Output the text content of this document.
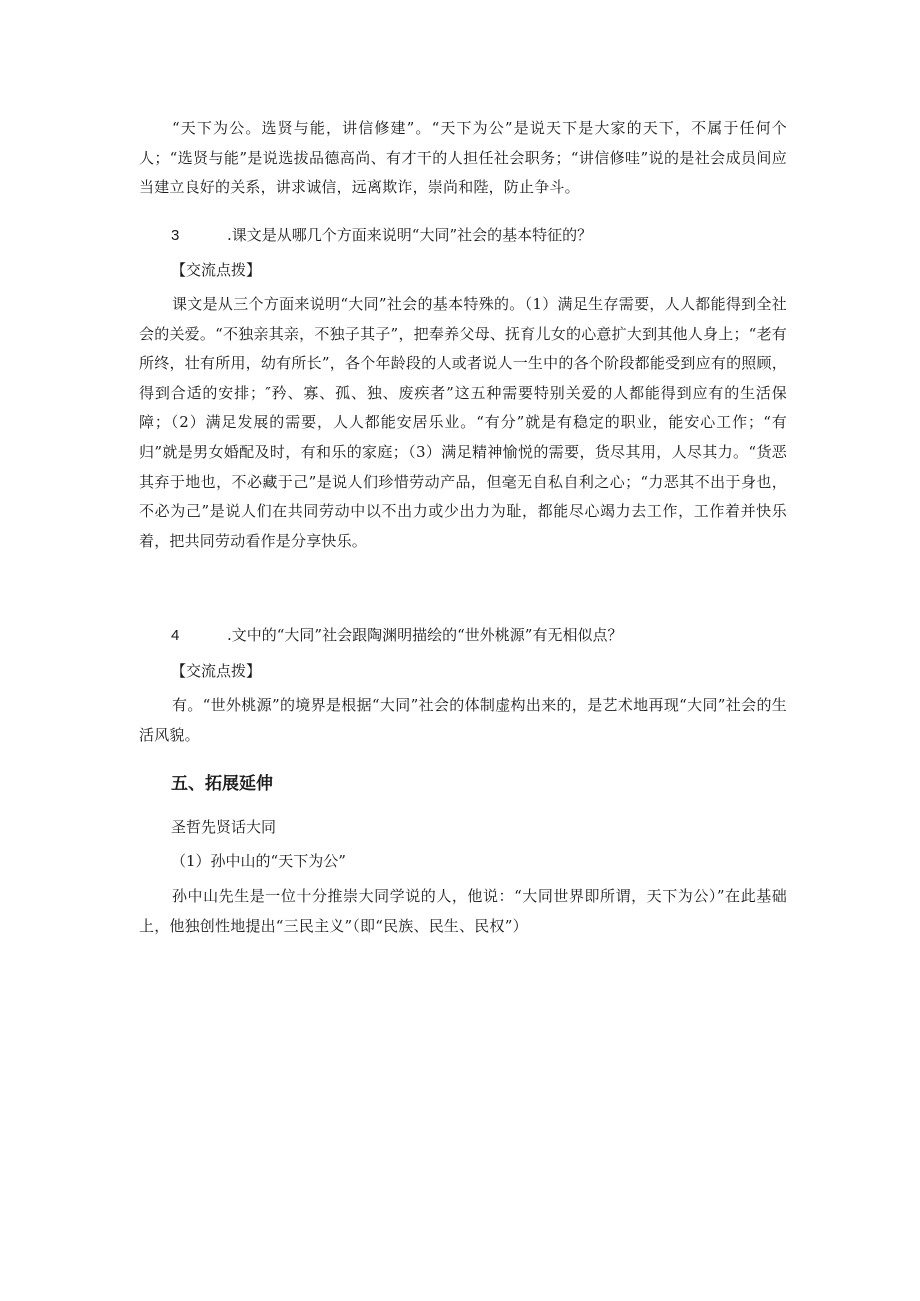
“天下为公。选贤与能，讲信修建”。“天下为公”是说天下是大家的天下，不属于任何个人；“选贤与能”是说选拔品德高尚、有才干的人担任社会职务；“讲信修哇”说的是社会成员间应当建立良好的关系，讲求诚信，远离欺诈，崇尚和陛，防止争斗。

3	.课文是从哪几个方面来说明“大同”社会的基本特征的？

【交流点拨】

课文是从三个方面来说明“大同”社会的基本特殊的。（1）满足生存需要，人人都能得到全社会的关爱。“不独亲其亲，不独子其子”，把奉养父母、抚育儿女的心意扩大到其他人身上；“老有所终，壮有所用，幼有所长”，各个年龄段的人或者说人一生中的各个阶段都能受到应有的照顾，得到合适的安排；″矜、寡、孤、独、废疾者”这五种需要特别关爱的人都能得到应有的生活保障；（2）满足发展的需要，人人都能安居乐业。“有分”就是有稳定的职业，能安心工作；“有归”就是男女婚配及时，有和乐的家庭；（3）满足精神愉悦的需要，货尽其用，人尽其力。“货恶其弃于地也，不必藏于己”是说人们珍惜劳动产品，但毫无自私自利之心；“力恶其不出于身也，不必为己”是说人们在共同劳动中以不出力或少出力为耻，都能尽心竭力去工作，工作着并快乐着，把共同劳动看作是分享快乐。

4	.文中的“大同”社会跟陶渊明描绘的“世外桃源”有无相似点？

【交流点拨】

有。“世外桃源”的境界是根据“大同”社会的体制虚构出来的，是艺术地再现“大同”社会的生活风貌。

五、拓展延伸

圣哲先贤话大同

（1）孙中山的“天下为公”

孙中山先生是一位十分推崇大同学说的人，他说：“大同世界即所谓，天下为公）”在此基础上，他独创性地提出“三民主义”（即“民族、民生、民权”）
